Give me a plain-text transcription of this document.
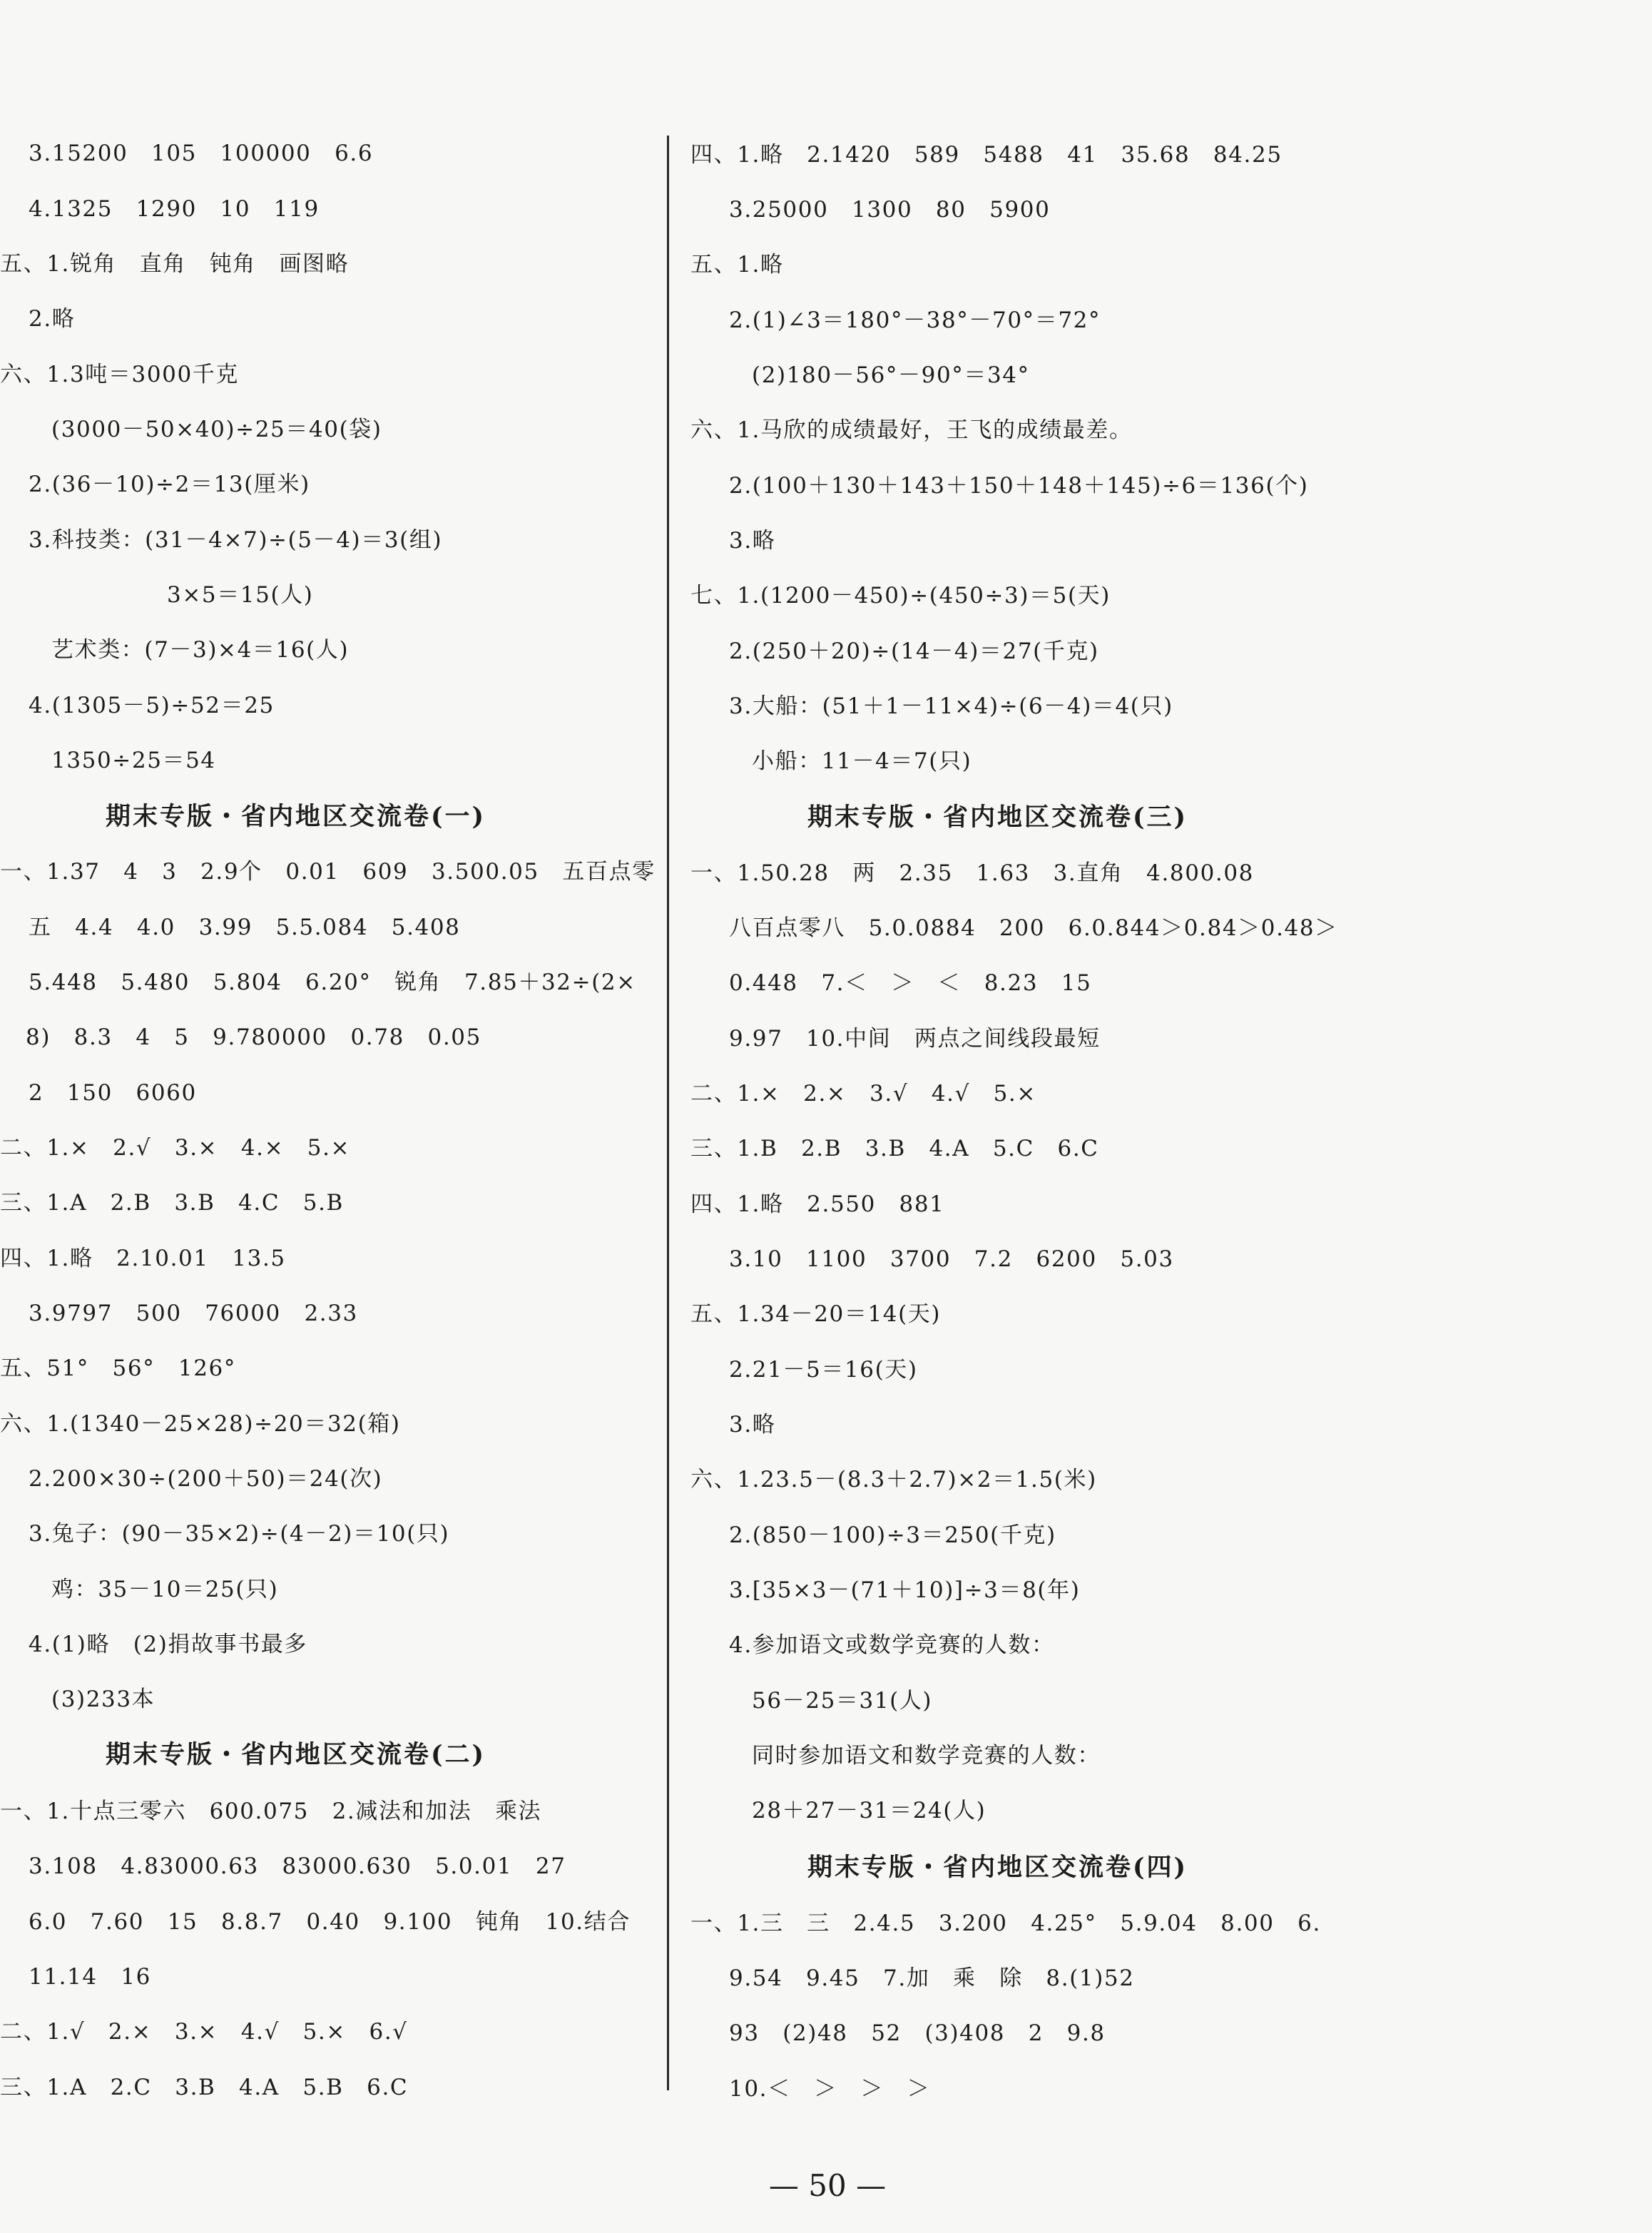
3.15200　105　100000　6.6
4.1325　1290　10　119
五、1.锐角　直角　钝角　画图略
2.略
六、1.3吨＝3000千克
(3000－50×40)÷25＝40(袋)
2.(36－10)÷2＝13(厘米)
3.科技类：(31－4×7)÷(5－4)＝3(组)
3×5＝15(人)
艺术类：(7－3)×4＝16(人)
4.(1305－5)÷52＝25
1350÷25＝54
期末专版・省内地区交流卷(一)
一、1.37　4　3　2.9个　0.01　609　3.500.05　五百点零
五　4.4　4.0　3.99　5.5.084　5.408
5.448　5.480　5.804　6.20°　锐角　7.85＋32÷(2×
8)　8.3　4　5　9.780000　0.78　0.05
2　150　6060
二、1.×　2.√　3.×　4.×　5.×
三、1.A　2.B　3.B　4.C　5.B
四、1.略　2.10.01　13.5
3.9797　500　76000　2.33
五、51°　56°　126°
六、1.(1340－25×28)÷20＝32(箱)
2.200×30÷(200＋50)＝24(次)
3.兔子：(90－35×2)÷(4－2)＝10(只)
鸡：35－10＝25(只)
4.(1)略　(2)捐故事书最多
(3)233本
期末专版・省内地区交流卷(二)
一、1.十点三零六　600.075　2.减法和加法　乘法
3.108　4.83000.63　83000.630　5.0.01　27
6.0　7.60　15　8.8.7　0.40　9.100　钝角　10.结合
11.14　16
二、1.√　2.×　3.×　4.√　5.×　6.√
三、1.A　2.C　3.B　4.A　5.B　6.C
四、1.略　2.1420　589　5488　41　35.68　84.25
3.25000　1300　80　5900
五、1.略
2.(1)∠3＝180°－38°－70°＝72°
(2)180－56°－90°＝34°
六、1.马欣的成绩最好，王飞的成绩最差。
2.(100＋130＋143＋150＋148＋145)÷6＝136(个)
3.略
七、1.(1200－450)÷(450÷3)＝5(天)
2.(250＋20)÷(14－4)＝27(千克)
3.大船：(51＋1－11×4)÷(6－4)＝4(只)
小船：11－4＝7(只)
期末专版・省内地区交流卷(三)
一、1.50.28　两　2.35　1.63　3.直角　4.800.08
八百点零八　5.0.0884　200　6.0.844＞0.84＞0.48＞
0.448　7.＜　＞　＜　8.23　15
9.97　10.中间　两点之间线段最短
二、1.×　2.×　3.√　4.√　5.×
三、1.B　2.B　3.B　4.A　5.C　6.C
四、1.略　2.550　881
3.10　1100　3700　7.2　6200　5.03
五、1.34－20＝14(天)
2.21－5＝16(天)
3.略
六、1.23.5－(8.3＋2.7)×2＝1.5(米)
2.(850－100)÷3＝250(千克)
3.[35×3－(71＋10)]÷3＝8(年)
4.参加语文或数学竞赛的人数：
56－25＝31(人)
同时参加语文和数学竞赛的人数：
28＋27－31＝24(人)
期末专版・省内地区交流卷(四)
一、1.三　三　2.4.5　3.200　4.25°　5.9.04　8.00　6.
9.54　9.45　7.加　乘　除　8.(1)52
93　(2)48　52　(3)408　2　9.8
10.＜　＞　＞　＞
— 50 —
